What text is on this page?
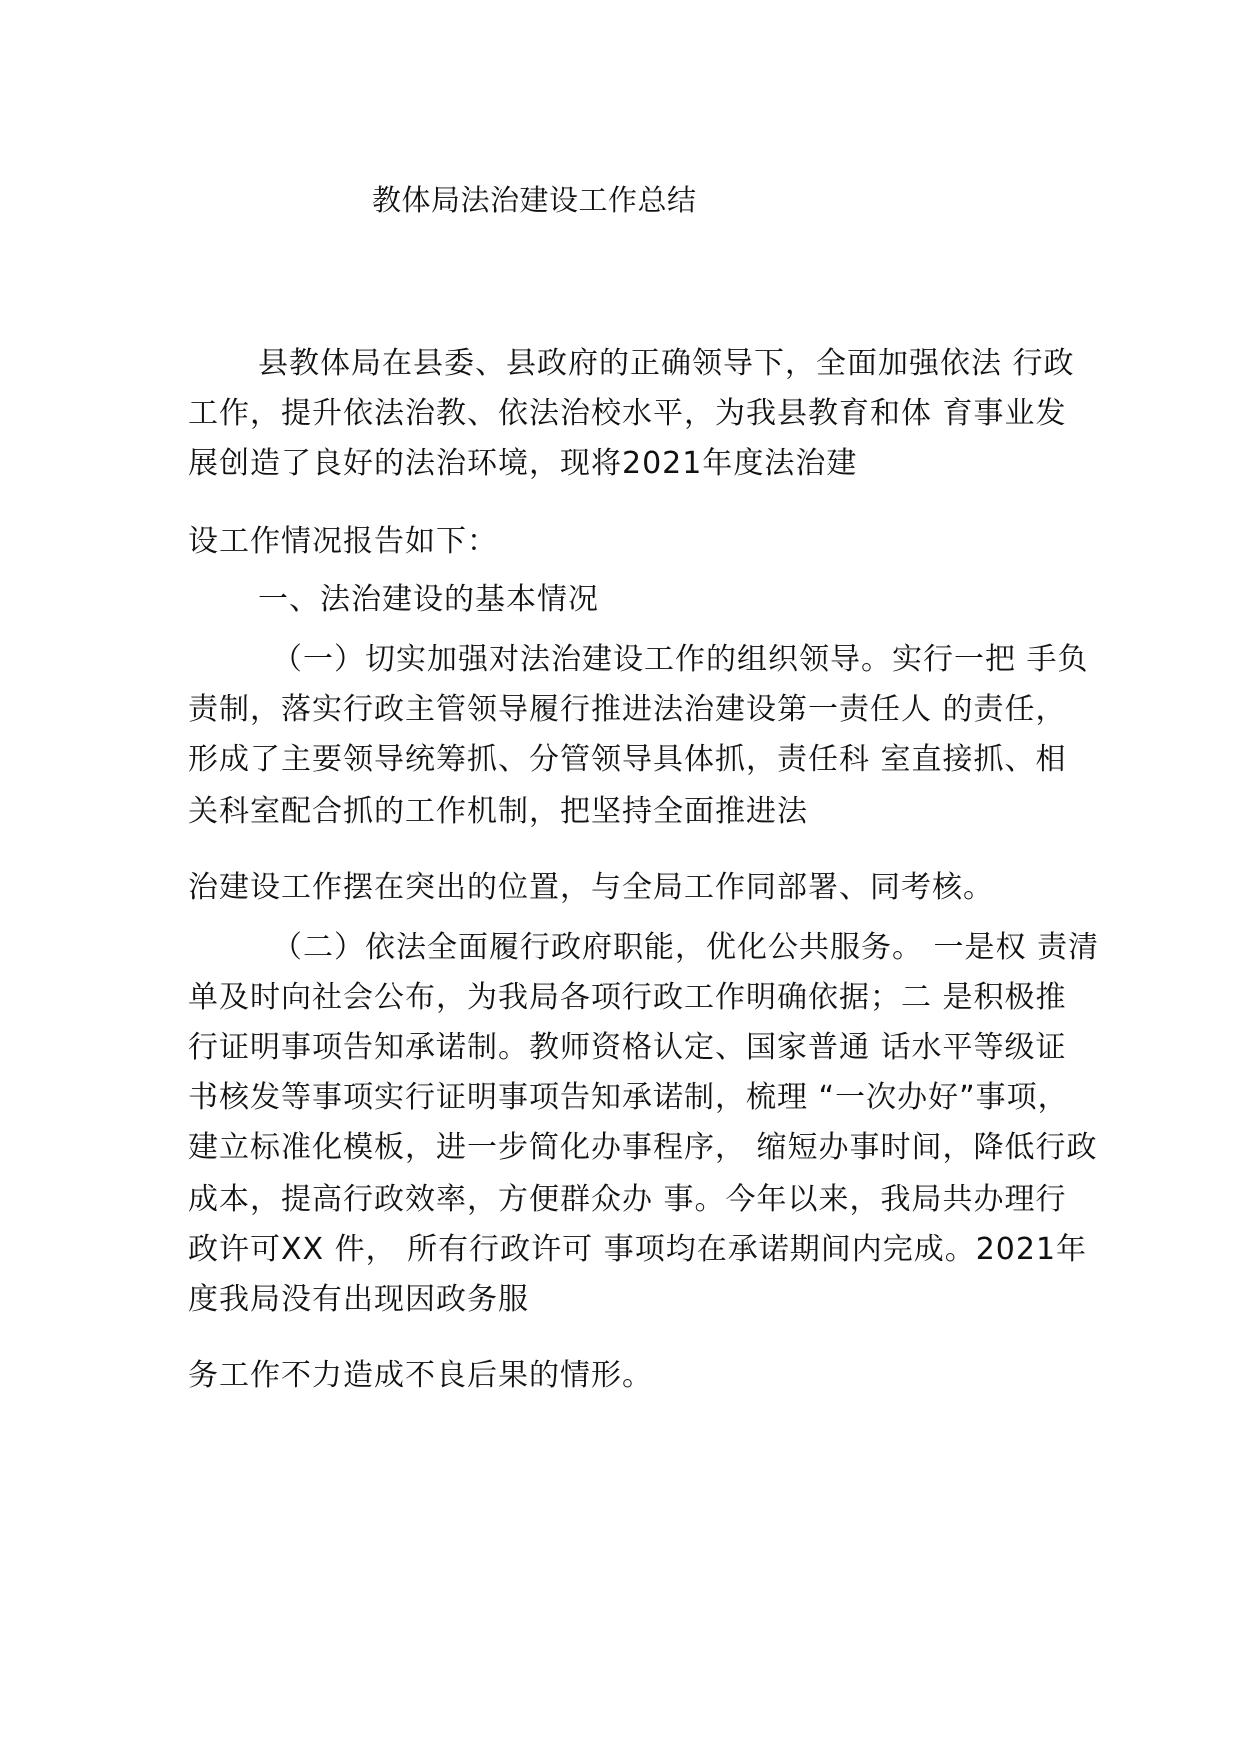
教体局法治建设工作总结
县教体局在县委、县政府的正确领导下，全面加强依法 行政
工作，提升依法治教、依法治校水平，为我县教育和体 育事业发
展创造了良好的法治环境，现将2021年度法治建
设工作情况报告如下：
一、法治建设的基本情况
（一）切实加强对法治建设工作的组织领导。实行一把 手负
责制，落实行政主管领导履行推进法治建设第一责任人 的责任，
形成了主要领导统筹抓、分管领导具体抓，责任科 室直接抓、相
关科室配合抓的工作机制，把坚持全面推进法
治建设工作摆在突出的位置，与全局工作同部署、同考核。
（二）依法全面履行政府职能，优化公共服务。 一是权 责清
单及时向社会公布，为我局各项行政工作明确依据；二 是积极推
行证明事项告知承诺制。教师资格认定、国家普通 话水平等级证
书核发等事项实行证明事项告知承诺制，梳理 “一次办好”事项，
建立标准化模板，进一步简化办事程序， 缩短办事时间，降低行政
成本，提高行政效率，方便群众办 事。今年以来，我局共办理行
政许可XX 件， 所有行政许可 事项均在承诺期间内完成。2021年
度我局没有出现因政务服
务工作不力造成不良后果的情形。
